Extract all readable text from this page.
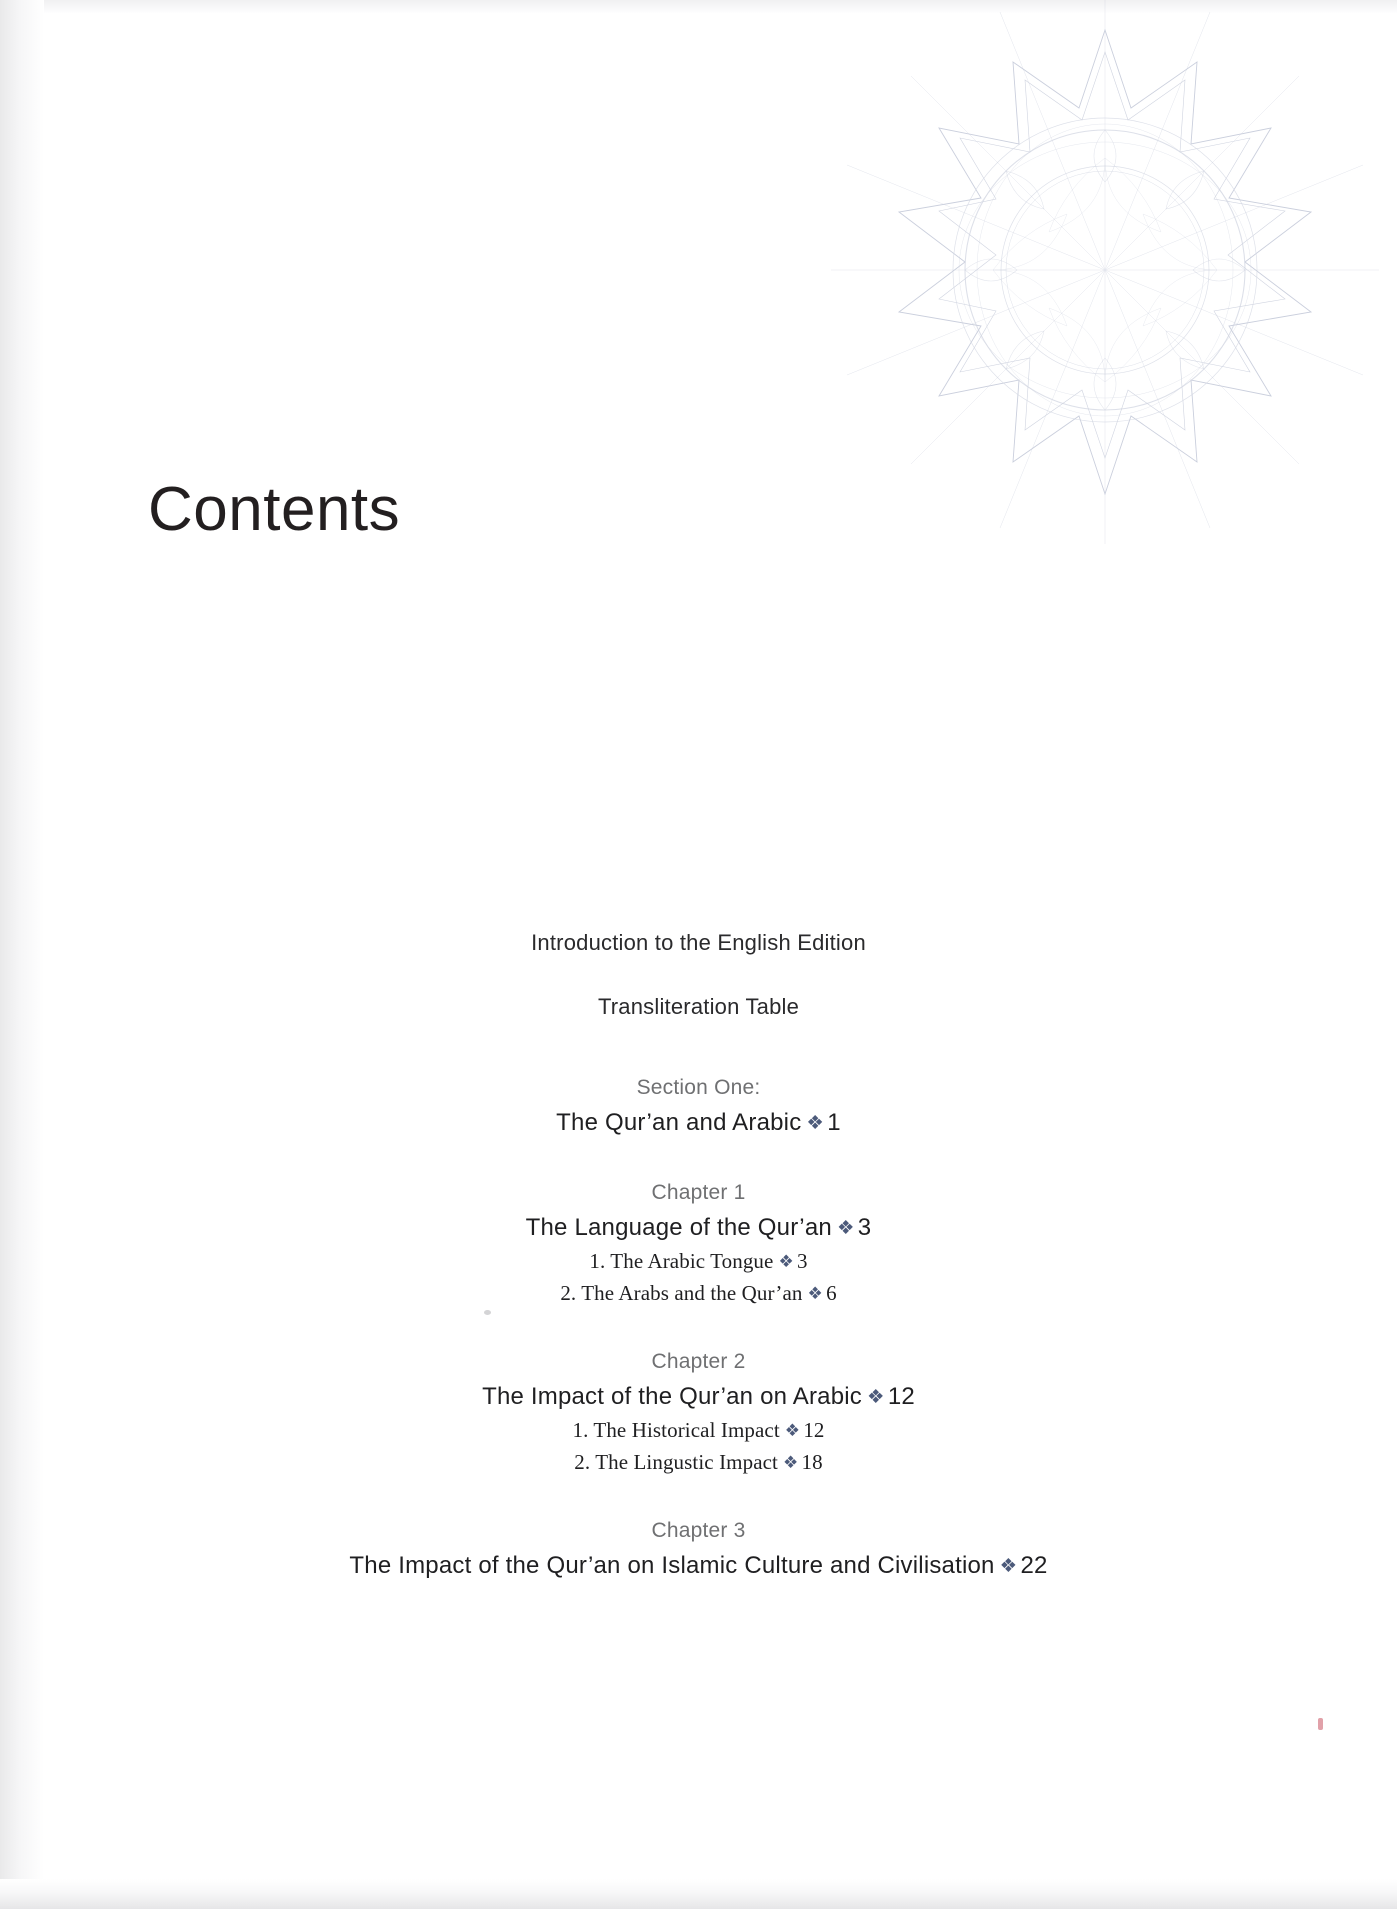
Contents
Introduction to the English Edition
Transliteration Table
Section One:
The Qur’an and Arabic ❖ 1
Chapter 1
The Language of the Qur’an ❖ 3
1. The Arabic Tongue ❖ 3
2. The Arabs and the Qur’an ❖ 6
Chapter 2
The Impact of the Qur’an on Arabic ❖ 12
1. The Historical Impact ❖ 12
2. The Lingustic Impact ❖ 18
Chapter 3
The Impact of the Qur’an on Islamic Culture and Civilisation ❖ 22
